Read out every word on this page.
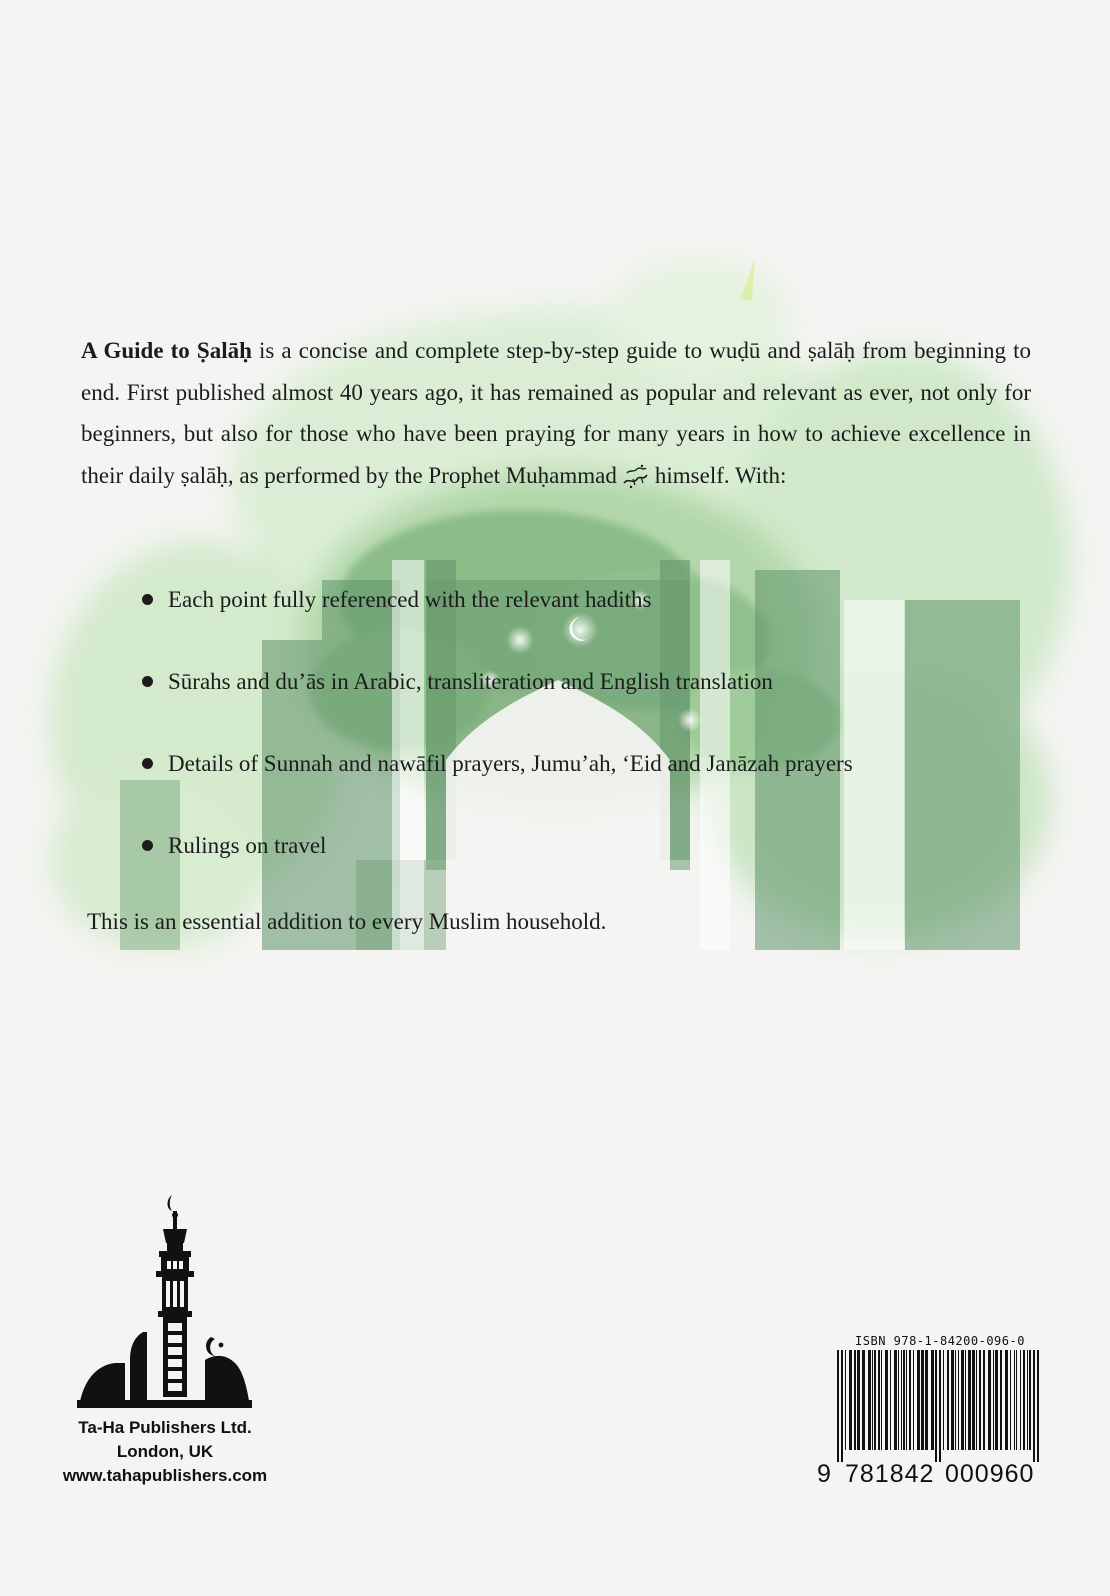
A Guide to Ṣalāḥ is a concise and complete step-by-step guide to wuḍū and ṣalāḥ from beginning to end. First published almost 40 years ago, it has remained as popular and relevant as ever, not only for beginners, but also for those who have been praying for many years in how to achieve excellence in their daily ṣalāḥ, as performed by the Prophet Muḥammad himself. With:

Each point fully referenced with the relevant hadiths
Sūrahs and du’ās in Arabic, transliteration and English translation
Details of Sunnah and nawāfil prayers, Jumu’ah, ‘Eid and Janāzah prayers
Rulings on travel

This is an essential addition to every Muslim household.

Ta-Ha Publishers Ltd.
London, UK
www.tahapublishers.com
ISBN 978-1-84200-096-0
9 781842 000960
